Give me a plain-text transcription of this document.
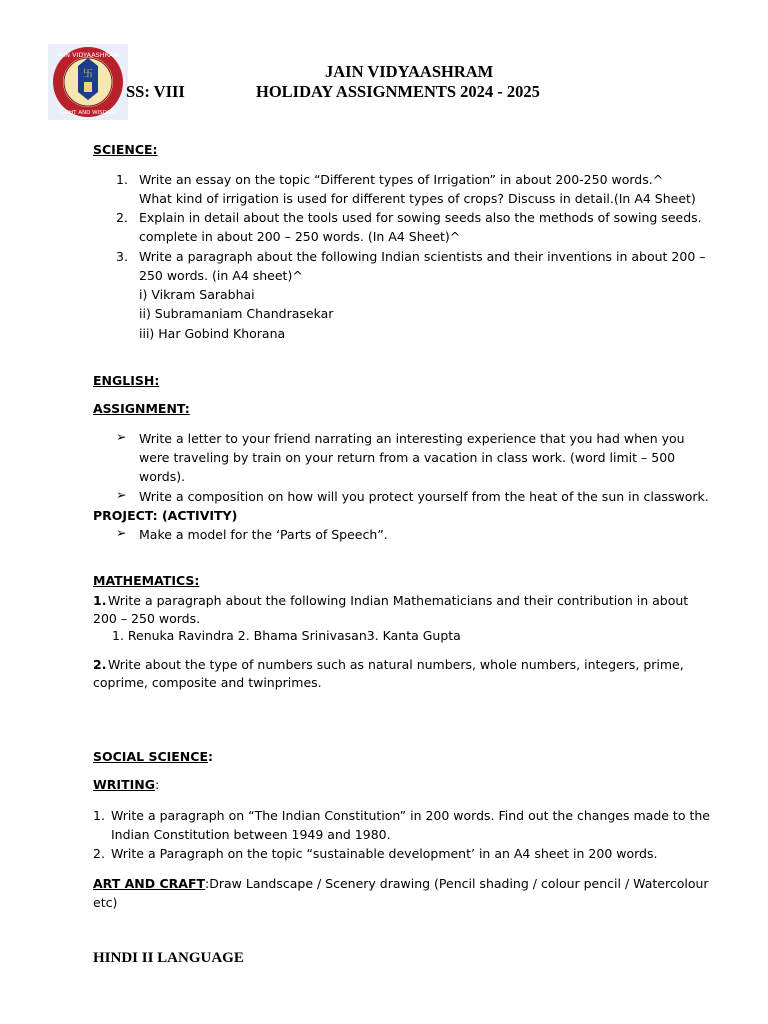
卐
JAIN VIDYAASHRAM
LIGHT AND WISDOM
JAIN VIDYAASHRAM
SS: VIII	HOLIDAY ASSIGNMENTS 2024 - 2025
SCIENCE:
1. Write an essay on the topic “Different types of Irrigation” in about 200-250 words.^
What kind of irrigation is used for different types of crops? Discuss in detail.(In A4 Sheet)
2. Explain in detail about the tools used for sowing seeds also the methods of sowing seeds.
complete in about 200 – 250 words. (In A4 Sheet)^
3. Write a paragraph about the following Indian scientists and their inventions in about 200 –
250 words. (in A4 sheet)^
i) Vikram Sarabhai
ii) Subramaniam Chandrasekar
iii) Har Gobind Khorana
ENGLISH:
ASSIGNMENT:
➢ Write a letter to your friend narrating an interesting experience that you had when you
were traveling by train on your return from a vacation in class work. (word limit – 500
words).
➢ Write a composition on how will you protect yourself from the heat of the sun in classwork.
PROJECT: (ACTIVITY)
➢ Make a model for the ‘Parts of Speech”.
MATHEMATICS:
1. Write a paragraph about the following Indian Mathematicians and their contribution in about
200 – 250 words.
1. Renuka Ravindra 2. Bhama Srinivasan3. Kanta Gupta
2. Write about the type of numbers such as natural numbers, whole numbers, integers, prime,
coprime, composite and twinprimes.
SOCIAL SCIENCE:
WRITING:
1. Write a paragraph on “The Indian Constitution” in 200 words. Find out the changes made to the
Indian Constitution between 1949 and 1980.
2. Write a Paragraph on the topic “sustainable development’ in an A4 sheet in 200 words.
ART AND CRAFT:Draw Landscape / Scenery drawing (Pencil shading / colour pencil / Watercolour
etc)
HINDI II LANGUAGE
